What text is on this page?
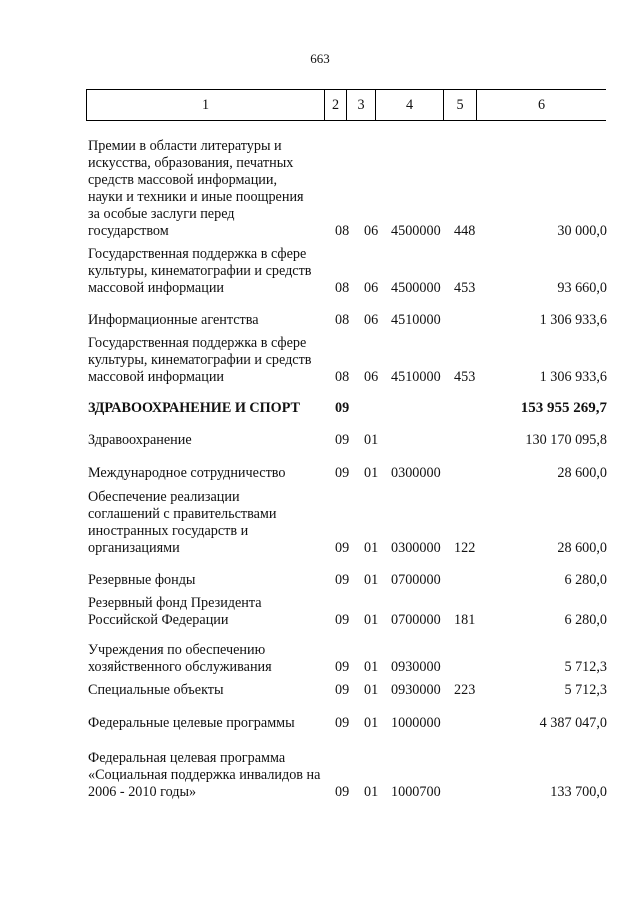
663
1	2	3	4	5	6
Премии в области литературы и искусства, образования, печатных средств массовой информации, науки и техники и иные поощрения за особые заслуги перед государством	08 06 4500000 448	30 000,0
Государственная поддержка в сфере культуры, кинематографии и средств массовой информации	08 06 4500000 453	93 660,0
Информационные агентства	08 06 4510000	1 306 933,6
Государственная поддержка в сфере культуры, кинематографии и средств массовой информации	08 06 4510000 453	1 306 933,6
ЗДРАВООХРАНЕНИЕ И СПОРТ	09	153 955 269,7
Здравоохранение	09 01	130 170 095,8
Международное сотрудничество	09 01 0300000	28 600,0
Обеспечение реализации соглашений с правительствами иностранных государств и организациями	09 01 0300000 122	28 600,0
Резервные фонды	09 01 0700000	6 280,0
Резервный фонд Президента Российской Федерации	09 01 0700000 181	6 280,0
Учреждения по обеспечению хозяйственного обслуживания	09 01 0930000	5 712,3
Специальные объекты	09 01 0930000 223	5 712,3
Федеральные целевые программы	09 01 1000000	4 387 047,0
Федеральная целевая программа «Социальная поддержка инвалидов на 2006 - 2010 годы»	09 01 1000700	133 700,0
